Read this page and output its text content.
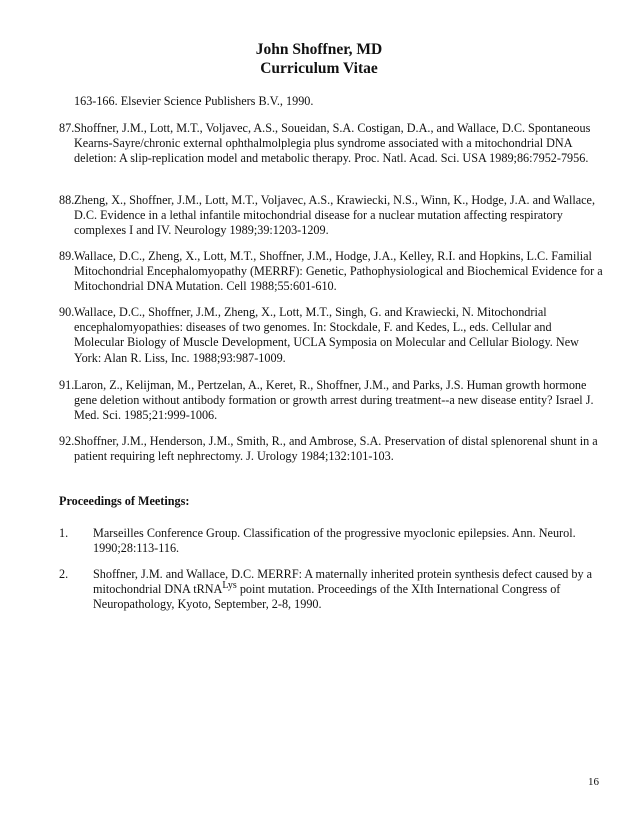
John Shoffner, MD
Curriculum Vitae
163-166. Elsevier Science Publishers B.V., 1990.
87. Shoffner, J.M., Lott, M.T., Voljavec, A.S., Soueidan, S.A. Costigan, D.A., and Wallace, D.C. Spontaneous Kearns-Sayre/chronic external ophthalmolplegia plus syndrome associated with a mitochondrial DNA deletion: A slip-replication model and metabolic therapy. Proc. Natl. Acad. Sci. USA 1989;86:7952-7956.
88. Zheng, X., Shoffner, J.M., Lott, M.T., Voljavec, A.S., Krawiecki, N.S., Winn, K., Hodge, J.A. and Wallace, D.C. Evidence in a lethal infantile mitochondrial disease for a nuclear mutation affecting respiratory complexes I and IV. Neurology 1989;39:1203-1209.
89. Wallace, D.C., Zheng, X., Lott, M.T., Shoffner, J.M., Hodge, J.A., Kelley, R.I. and Hopkins, L.C. Familial Mitochondrial Encephalomyopathy (MERRF): Genetic, Pathophysiological and Biochemical Evidence for a Mitochondrial DNA Mutation. Cell 1988;55:601-610.
90. Wallace, D.C., Shoffner, J.M., Zheng, X., Lott, M.T., Singh, G. and Krawiecki, N. Mitochondrial encephalomyopathies: diseases of two genomes. In: Stockdale, F. and Kedes, L., eds. Cellular and Molecular Biology of Muscle Development, UCLA Symposia on Molecular and Cellular Biology. New York: Alan R. Liss, Inc. 1988;93:987-1009.
91. Laron, Z., Kelijman, M., Pertzelan, A., Keret, R., Shoffner, J.M., and Parks, J.S. Human growth hormone gene deletion without antibody formation or growth arrest during treatment--a new disease entity? Israel J. Med. Sci. 1985;21:999-1006.
92. Shoffner, J.M., Henderson, J.M., Smith, R., and Ambrose, S.A. Preservation of distal splenorenal shunt in a patient requiring left nephrectomy. J. Urology 1984;132:101-103.
Proceedings of Meetings:
1. Marseilles Conference Group. Classification of the progressive myoclonic epilepsies. Ann. Neurol. 1990;28:113-116.
2. Shoffner, J.M. and Wallace, D.C. MERRF: A maternally inherited protein synthesis defect caused by a mitochondrial DNA tRNA$^{Lys}$ point mutation. Proceedings of the XIth International Congress of Neuropathology, Kyoto, September, 2-8, 1990.
16
